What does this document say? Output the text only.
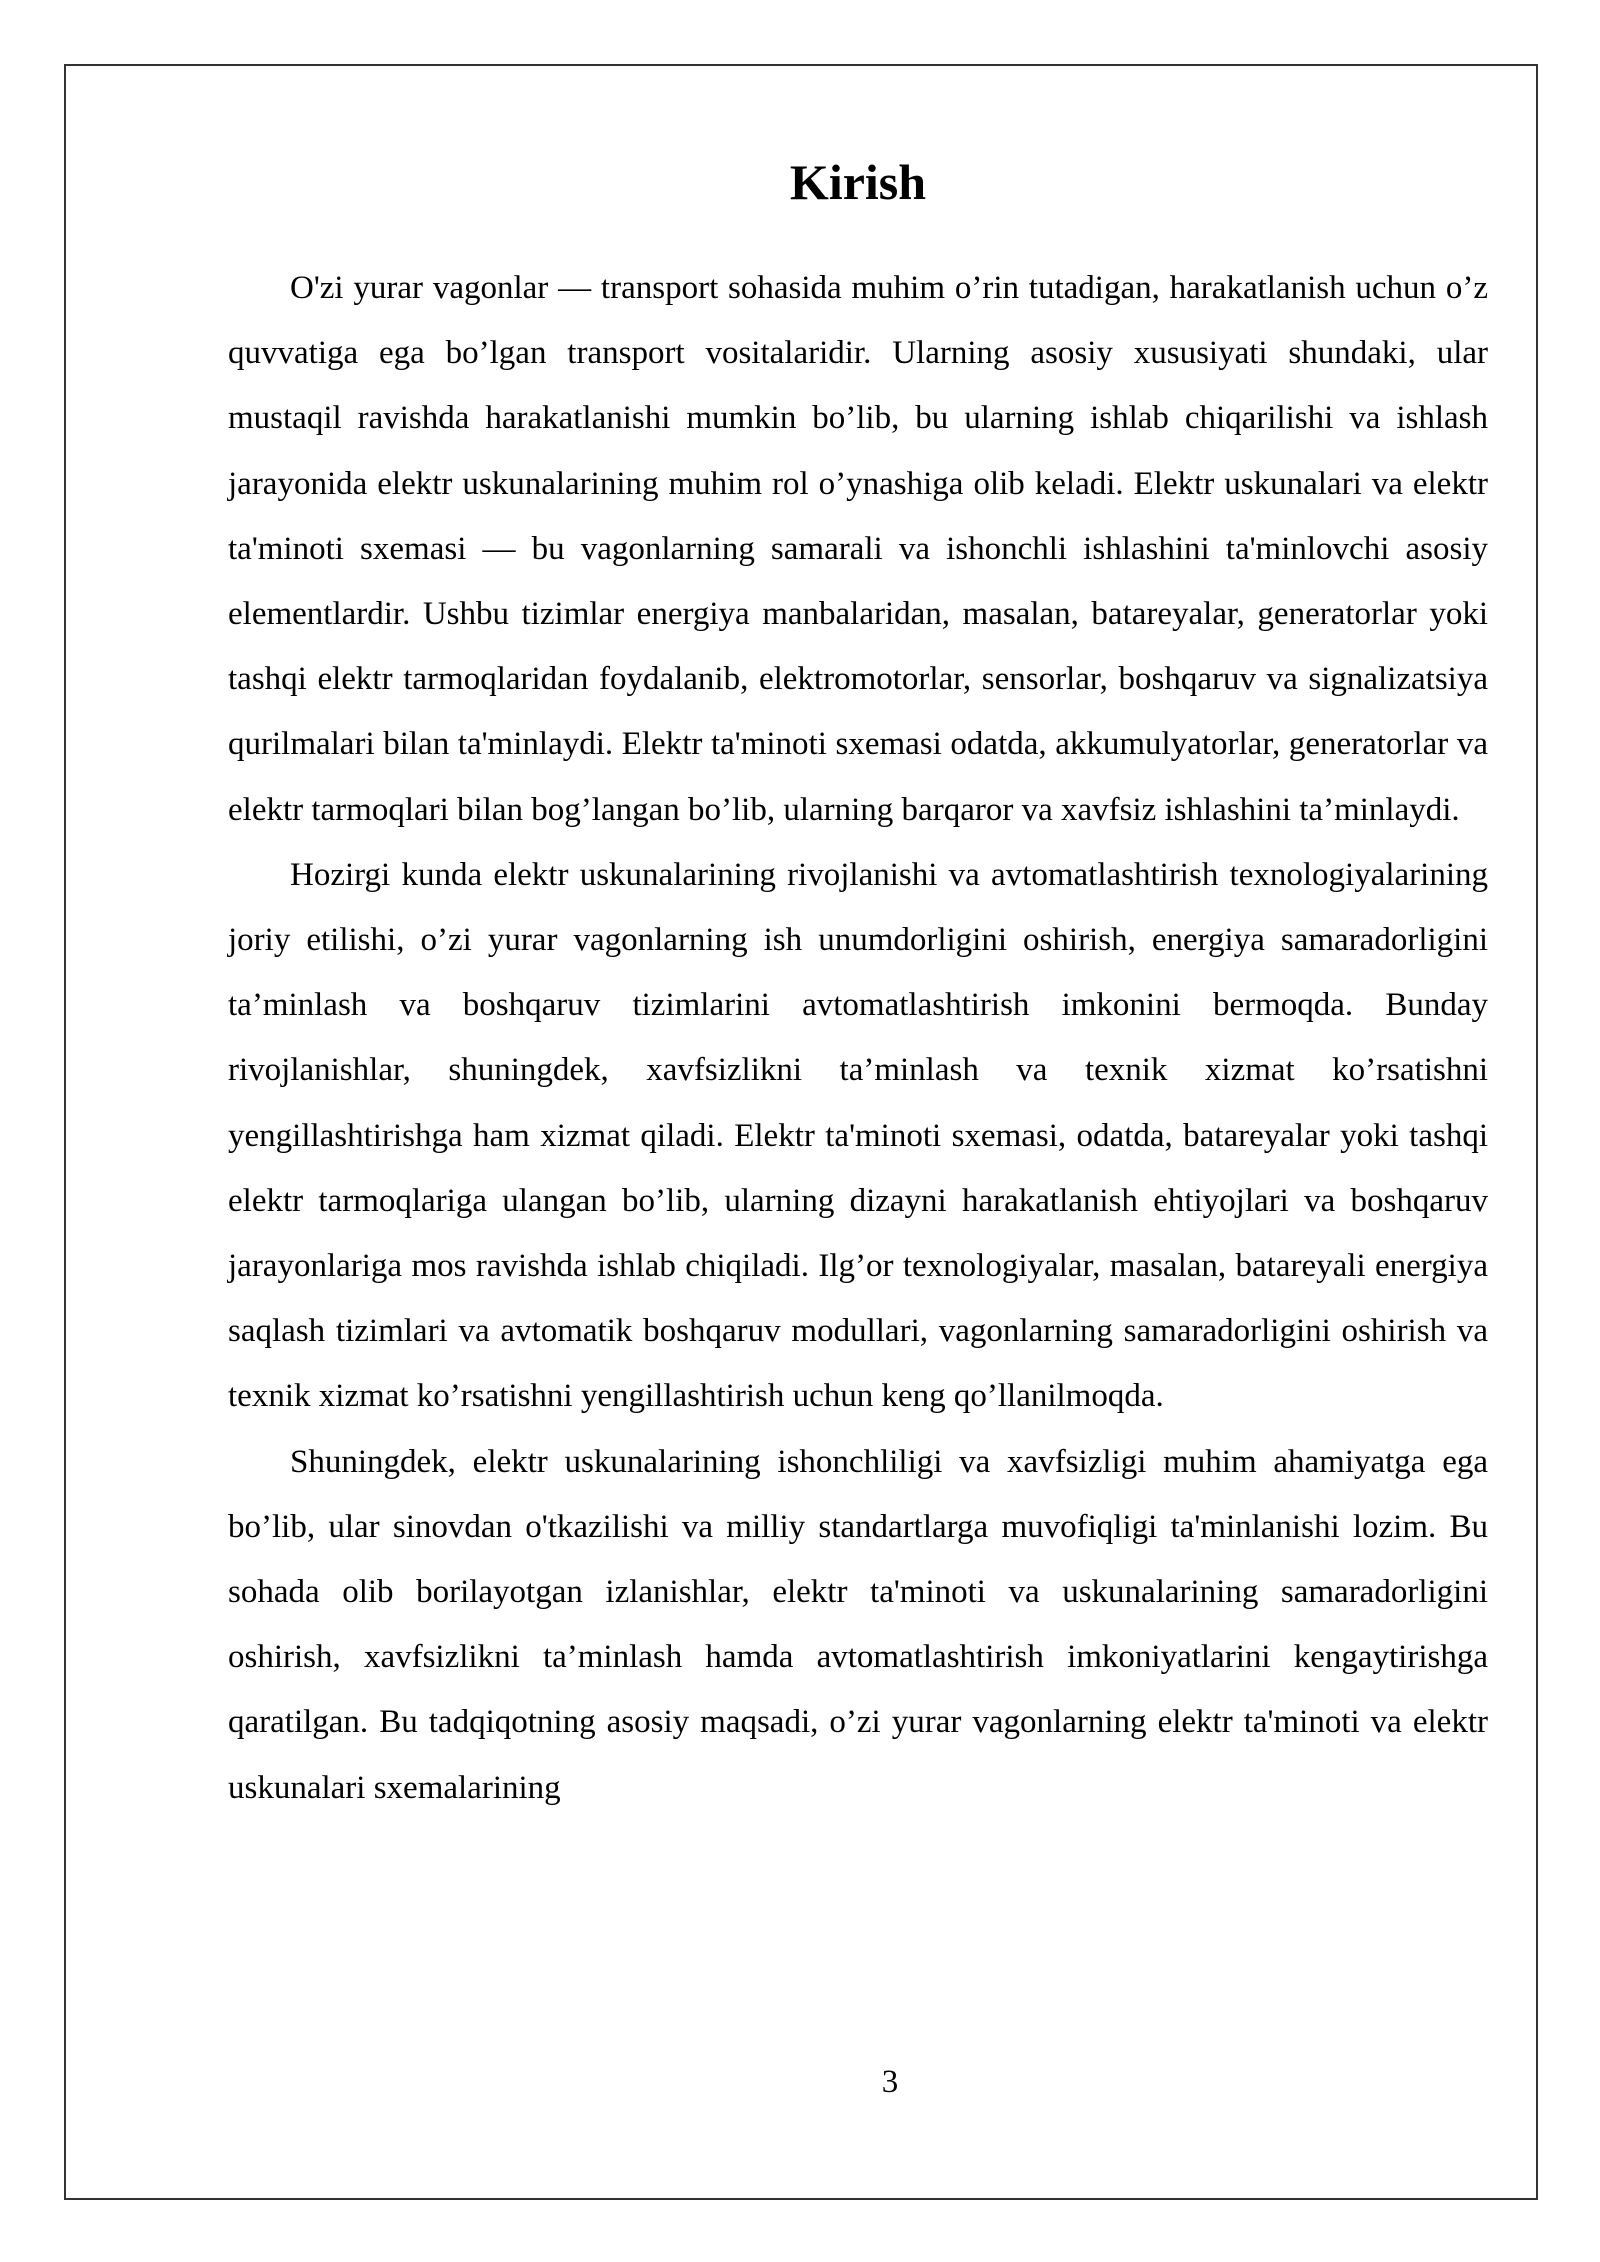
Kirish

O'zi yurar vagonlar — transport sohasida muhim o’rin tutadigan, harakatlanish uchun o’z quvvatiga ega bo’lgan transport vositalaridir. Ularning asosiy xususiyati shundaki, ular mustaqil ravishda harakatlanishi mumkin bo’lib, bu ularning ishlab chiqarilishi va ishlash jarayonida elektr uskunalarining muhim rol o’ynashiga olib keladi. Elektr uskunalari va elektr ta'minoti sxemasi — bu vagonlarning samarali va ishonchli ishlashini ta'minlovchi asosiy elementlardir. Ushbu tizimlar energiya manbalaridan, masalan, batareyalar, generatorlar yoki tashqi elektr tarmoqlaridan foydalanib, elektromotorlar, sensorlar, boshqaruv va signalizatsiya qurilmalari bilan ta'minlaydi. Elektr ta'minoti sxemasi odatda, akkumulyatorlar, generatorlar va elektr tarmoqlari bilan bog’langan bo’lib, ularning barqaror va xavfsiz ishlashini ta’minlaydi.

Hozirgi kunda elektr uskunalarining rivojlanishi va avtomatlashtirish texnologiyalarining joriy etilishi, o’zi yurar vagonlarning ish unumdorligini oshirish, energiya samaradorligini ta’minlash va boshqaruv tizimlarini avtomatlashtirish imkonini bermoqda. Bunday rivojlanishlar, shuningdek, xavfsizlikni ta’minlash va texnik xizmat ko’rsatishni yengillashtirishga ham xizmat qiladi. Elektr ta'minoti sxemasi, odatda, batareyalar yoki tashqi elektr tarmoqlariga ulangan bo’lib, ularning dizayni harakatlanish ehtiyojlari va boshqaruv jarayonlariga mos ravishda ishlab chiqiladi. Ilg’or texnologiyalar, masalan, batareyali energiya saqlash tizimlari va avtomatik boshqaruv modullari, vagonlarning samaradorligini oshirish va texnik xizmat ko’rsatishni yengillashtirish uchun keng qo’llanilmoqda.

Shuningdek, elektr uskunalarining ishonchliligi va xavfsizligi muhim ahamiyatga ega bo’lib, ular sinovdan o'tkazilishi va milliy standartlarga muvofiqligi ta'minlanishi lozim. Bu sohada olib borilayotgan izlanishlar, elektr ta'minoti va uskunalarining samaradorligini oshirish, xavfsizlikni ta’minlash hamda avtomatlashtirish imkoniyatlarini kengaytirishga qaratilgan. Bu tadqiqotning asosiy maqsadi, o’zi yurar vagonlarning elektr ta'minoti va elektr uskunalari sxemalarining

3
